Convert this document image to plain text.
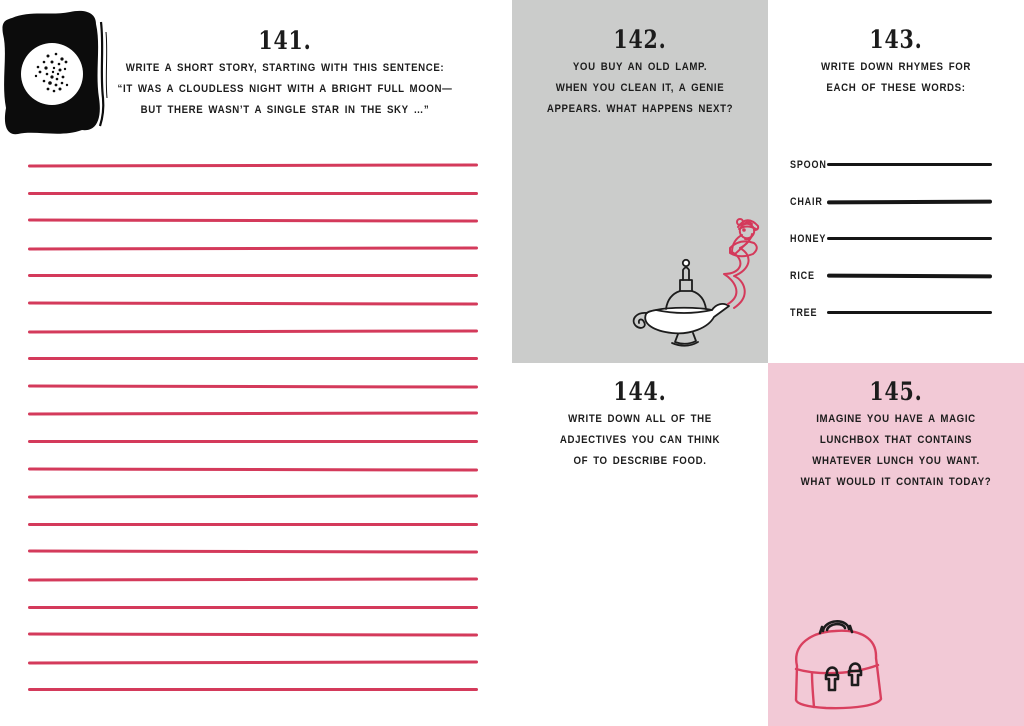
141.
WRITE A SHORT STORY, STARTING WITH THIS SENTENCE:
“IT WAS A CLOUDLESS NIGHT WITH A BRIGHT FULL MOON—
BUT THERE WASN’T A SINGLE STAR IN THE SKY …”
142.
YOU BUY AN OLD LAMP.
WHEN YOU CLEAN IT, A GENIE
APPEARS. WHAT HAPPENS NEXT?
143.
WRITE DOWN RHYMES FOR
EACH OF THESE WORDS:
SPOON
CHAIR
HONEY
RICE
TREE
144.
WRITE DOWN ALL OF THE
ADJECTIVES YOU CAN THINK
OF TO DESCRIBE FOOD.
145.
IMAGINE YOU HAVE A MAGIC
LUNCHBOX THAT CONTAINS
WHATEVER LUNCH YOU WANT.
WHAT WOULD IT CONTAIN TODAY?
